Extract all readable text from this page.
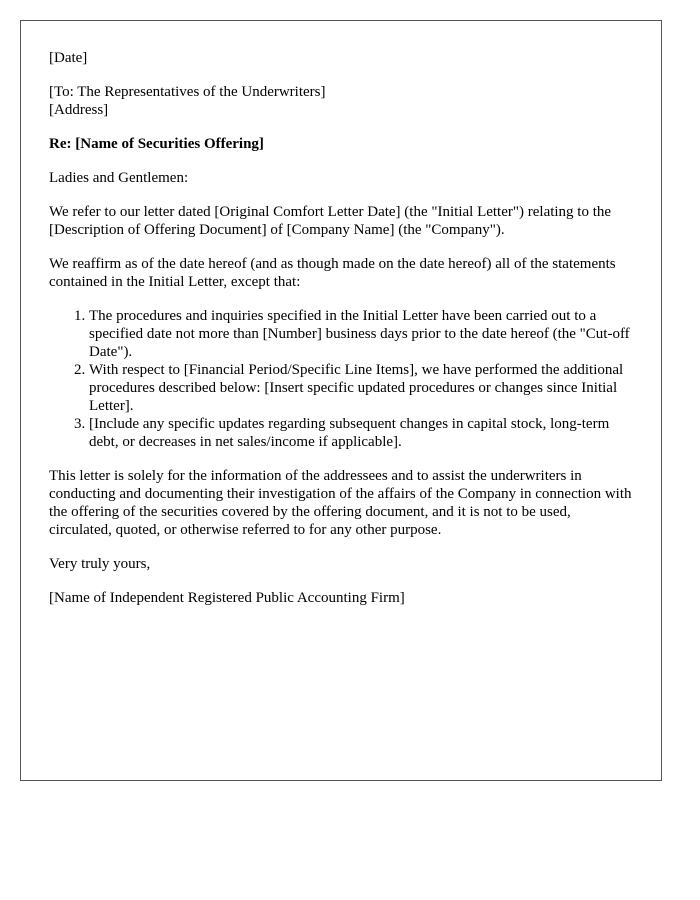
[Date]

[To: The Representatives of the Underwriters]

[Address]

Re: [Name of Securities Offering]

Ladies and Gentlemen:

We refer to our letter dated [Original Comfort Letter Date] (the "Initial Letter") relating to the [Description of Offering Document] of [Company Name] (the "Company").

We reaffirm as of the date hereof (and as though made on the date hereof) all of the statements contained in the Initial Letter, except that:

1. The procedures and inquiries specified in the Initial Letter have been carried out to a specified date not more than [Number] business days prior to the date hereof (the "Cut-off Date").
2. With respect to [Financial Period/Specific Line Items], we have performed the additional procedures described below: [Insert specific updated procedures or changes since Initial Letter].
3. [Include any specific updates regarding subsequent changes in capital stock, long-term debt, or decreases in net sales/income if applicable].

This letter is solely for the information of the addressees and to assist the underwriters in conducting and documenting their investigation of the affairs of the Company in connection with the offering of the securities covered by the offering document, and it is not to be used, circulated, quoted, or otherwise referred to for any other purpose.

Very truly yours,

[Name of Independent Registered Public Accounting Firm]
